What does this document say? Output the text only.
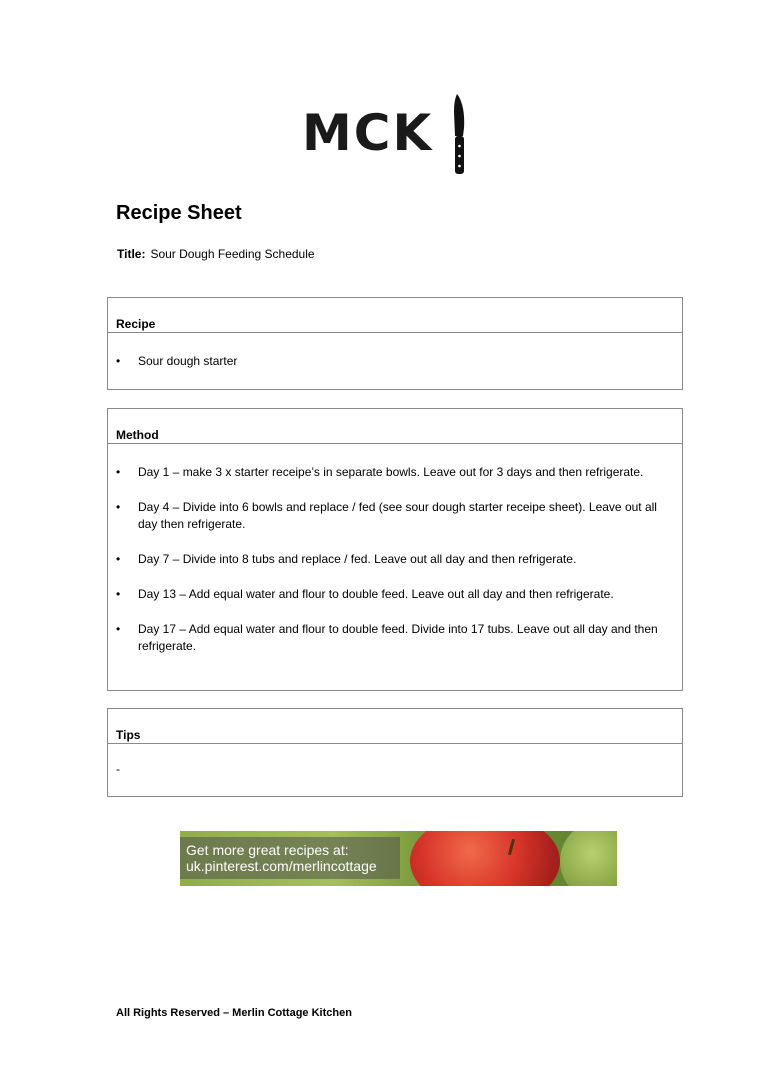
MCK
Recipe Sheet
Title: Sour Dough Feeding Schedule
Recipe
• Sour dough starter
Method
• Day 1 – make 3 x starter receipe’s in separate bowls. Leave out for 3 days and then refrigerate.
• Day 4 – Divide into 6 bowls and replace / fed (see sour dough starter receipe sheet). Leave out all day then refrigerate.
• Day 7 – Divide into 8 tubs and replace / fed. Leave out all day and then refrigerate.
• Day 13 – Add equal water and flour to double feed. Leave out all day and then refrigerate.
• Day 17 – Add equal water and flour to double feed. Divide into 17 tubs. Leave out all day and then refrigerate.
Tips
-
Get more great recipes at:
uk.pinterest.com/merlincottage
All Rights Reserved – Merlin Cottage Kitchen
